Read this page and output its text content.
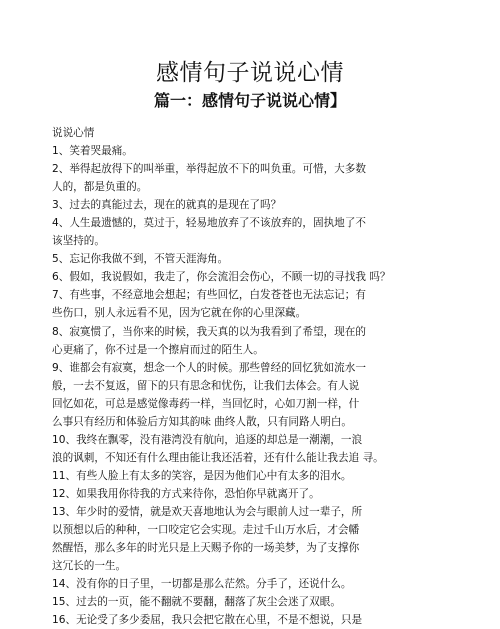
感情句子说说心情
篇一：感情句子说说心情】
说说心情
1、笑着哭最痛。
2、举得起放得下的叫举重，举得起放不下的叫负重。可惜，大多数
人的，都是负重的。
3、过去的真能过去，现在的就真的是现在了吗？
4、人生最遗憾的，莫过于，轻易地放弃了不该放弃的，固执地了不
该坚持的。
5、忘记你我做不到，不管天涯海角。
6、假如，我说假如，我走了，你会流泪会伤心，不顾一切的寻找我 吗？
7、有些事，不经意地会想起；有些回忆，白发苍苍也无法忘记；有
些伤口，别人永远看不见，因为它就在你的心里深藏。
8、寂寞惯了，当你来的时候，我天真的以为我看到了希望，现在的
心更痛了，你不过是一个擦肩而过的陌生人。
9、谁都会有寂寞，想念一个人的时候。那些曾经的回忆犹如流水一
般，一去不复返，留下的只有思念和忧伤，让我们去体会。有人说
回忆如花，可总是感觉像毒药一样，当回忆时，心如刀割一样，什
么事只有经历和体验后方知其韵味 曲终人散，只有同路人明白。
10、我终在飘零，没有港湾没有航向，追逐的却总是一潮潮，一浪
浪的讽刺，不知还有什么理由能让我还活着，还有什么能让我去追 寻。
11、有些人脸上有太多的笑容，是因为他们心中有太多的泪水。
12、如果我用你待我的方式来待你，恐怕你早就离开了。
13、年少时的爱情，就是欢天喜地地认为会与眼前人过一辈子，所
以预想以后的种种，一口咬定它会实现。走过千山万水后，才会幡
然醒悟，那么多年的时光只是上天赐予你的一场美梦，为了支撑你
这冗长的一生。
14、没有你的日子里，一切都是那么茫然。分手了，还说什么。
15、过去的一页，能不翻就不要翻，翻落了灰尘会迷了双眼。
16、无论受了多少委屈，我只会把它散在心里，不是不想说，只是
